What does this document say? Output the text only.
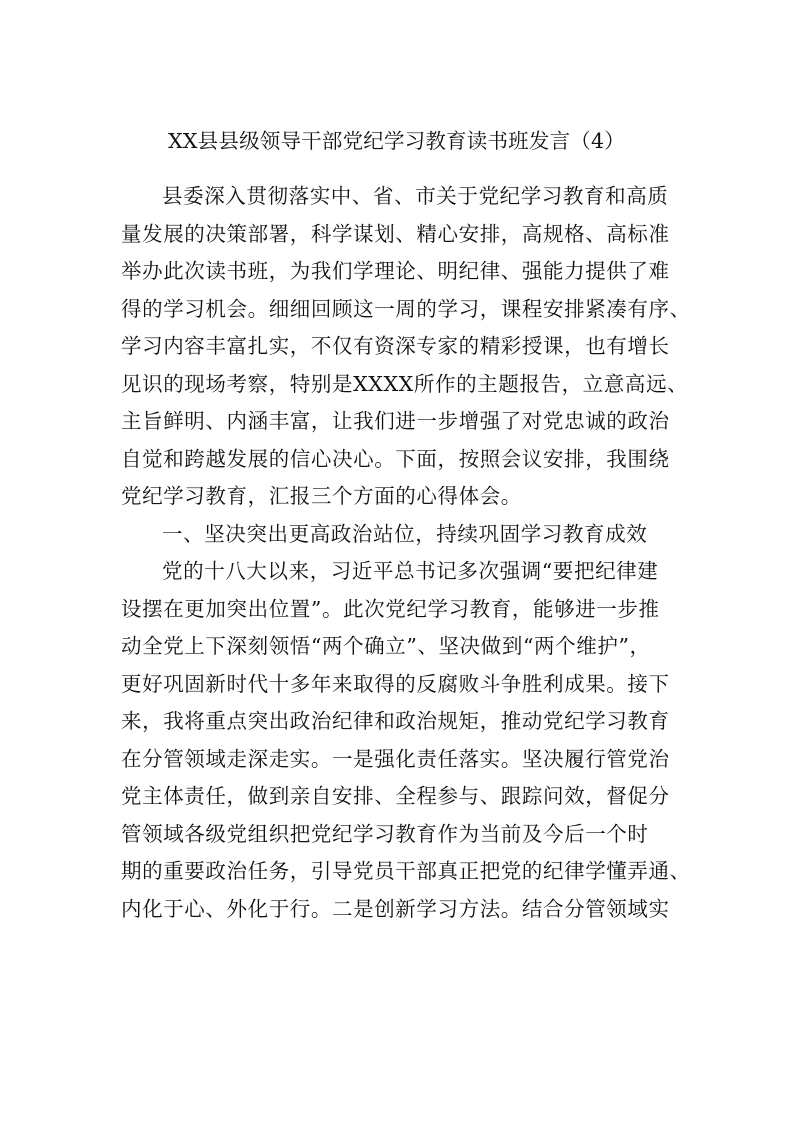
XX县县级领导干部党纪学习教育读书班发言（4）
县委深入贯彻落实中、省、市关于党纪学习教育和高质
量发展的决策部署，科学谋划、精心安排，高规格、高标准
举办此次读书班，为我们学理论、明纪律、强能力提供了难
得的学习机会。细细回顾这一周的学习，课程安排紧凑有序、
学习内容丰富扎实，不仅有资深专家的精彩授课，也有增长
见识的现场考察，特别是XXXX所作的主题报告，立意高远、
主旨鲜明、内涵丰富，让我们进一步增强了对党忠诚的政治
自觉和跨越发展的信心决心。下面，按照会议安排，我围绕
党纪学习教育，汇报三个方面的心得体会。
一、坚决突出更高政治站位，持续巩固学习教育成效
党的十八大以来，习近平总书记多次强调“要把纪律建
设摆在更加突出位置”。此次党纪学习教育，能够进一步推
动全党上下深刻领悟“两个确立”、坚决做到“两个维护”，
更好巩固新时代十多年来取得的反腐败斗争胜利成果。接下
来，我将重点突出政治纪律和政治规矩，推动党纪学习教育
在分管领域走深走实。一是强化责任落实。坚决履行管党治
党主体责任，做到亲自安排、全程参与、跟踪问效，督促分
管领域各级党组织把党纪学习教育作为当前及今后一个时
期的重要政治任务，引导党员干部真正把党的纪律学懂弄通、
内化于心、外化于行。二是创新学习方法。结合分管领域实
